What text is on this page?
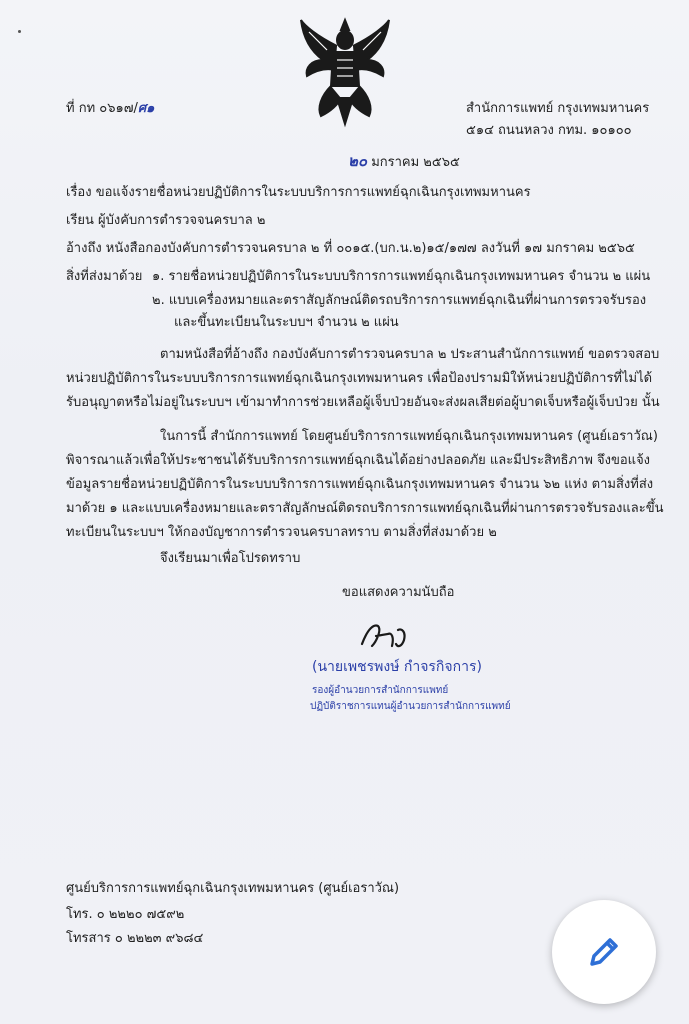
ที่ กท ๐๖๑๗/ศ๑	สำนักการแพทย์ กรุงเทพมหานคร
๕๑๔ ถนนหลวง กทม. ๑๐๑๐๐
๒๐ มกราคม ๒๕๖๕
เรื่อง ขอแจ้งรายชื่อหน่วยปฏิบัติการในระบบบริการการแพทย์ฉุกเฉินกรุงเทพมหานคร
เรียน ผู้บังคับการตำรวจจนครบาล ๒
อ้างถึง หนังสือกองบังคับการตำรวจนครบาล ๒ ที่ ๐๐๑๕.(บก.น.๒)๑๕/๑๗๗ ลงวันที่ ๑๗ มกราคม ๒๕๖๕
สิ่งที่ส่งมาด้วย ๑. รายชื่อหน่วยปฏิบัติการในระบบบริการการแพทย์ฉุกเฉินกรุงเทพมหานคร จำนวน ๒ แผ่น
๒. แบบเครื่องหมายและตราสัญลักษณ์ติดรถบริการการแพทย์ฉุกเฉินที่ผ่านการตรวจรับรอง
และขึ้นทะเบียนในระบบฯ จำนวน ๒ แผ่น
ตามหนังสือที่อ้างถึง กองบังคับการตำรวจนครบาล ๒ ประสานสำนักการแพทย์ ขอตรวจสอบ
หน่วยปฏิบัติการในระบบบริการการแพทย์ฉุกเฉินกรุงเทพมหานคร เพื่อป้องปรามมิให้หน่วยปฏิบัติการที่ไม่ได้
รับอนุญาตหรือไม่อยู่ในระบบฯ เข้ามาทำการช่วยเหลือผู้เจ็บป่วยอันจะส่งผลเสียต่อผู้บาดเจ็บหรือผู้เจ็บป่วย นั้น
ในการนี้ สำนักการแพทย์ โดยศูนย์บริการการแพทย์ฉุกเฉินกรุงเทพมหานคร (ศูนย์เอราวัณ)
พิจารณาแล้วเพื่อให้ประชาชนได้รับบริการการแพทย์ฉุกเฉินได้อย่างปลอดภัย และมีประสิทธิภาพ จึงขอแจ้ง
ข้อมูลรายชื่อหน่วยปฏิบัติการในระบบบริการการแพทย์ฉุกเฉินกรุงเทพมหานคร จำนวน ๖๒ แห่ง ตามสิ่งที่ส่ง
มาด้วย ๑ และแบบเครื่องหมายและตราสัญลักษณ์ติดรถบริการการแพทย์ฉุกเฉินที่ผ่านการตรวจรับรองและขึ้น
ทะเบียนในระบบฯ ให้กองบัญชาการตำรวจนครบาลทราบ ตามสิ่งที่ส่งมาด้วย ๒
จึงเรียนมาเพื่อโปรดทราบ
ขอแสดงความนับถือ
(นายเพชรพงษ์ กำจรกิจการ)
รองผู้อำนวยการสำนักการแพทย์
ปฏิบัติราชการแทนผู้อำนวยการสำนักการแพทย์
ศูนย์บริการการแพทย์ฉุกเฉินกรุงเทพมหานคร (ศูนย์เอราวัณ)
โทร. ๐ ๒๒๒๐ ๗๕๙๒
โทรสาร ๐ ๒๒๒๓ ๙๖๘๔
